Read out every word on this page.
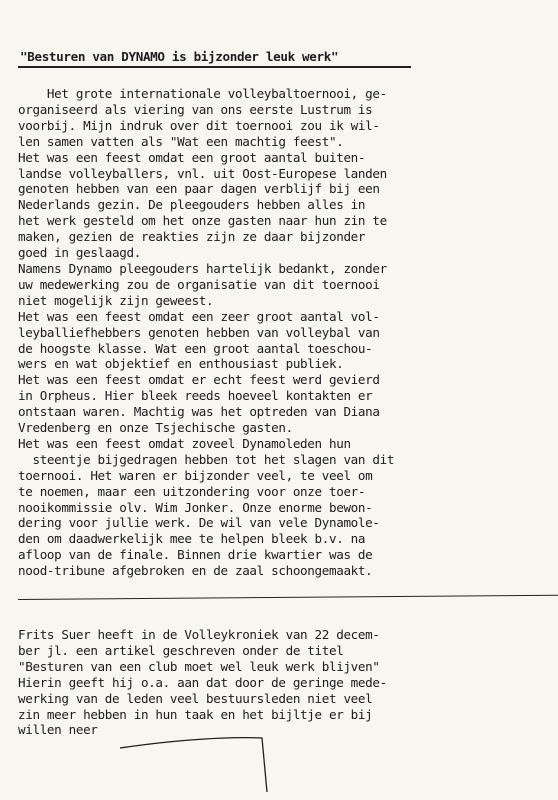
"Besturen van DYNAMO is bijzonder leuk werk"
Het grote internationale volleybaltoernooi, ge-
organiseerd als viering van ons eerste Lustrum is
voorbij. Mijn indruk over dit toernooi zou ik wil-
len samen vatten als "Wat een machtig feest".
Het was een feest omdat een groot aantal buiten-
landse volleyballers, vnl. uit Oost-Europese landen
genoten hebben van een paar dagen verblijf bij een
Nederlands gezin. De pleegouders hebben alles in
het werk gesteld om het onze gasten naar hun zin te
maken, gezien de reakties zijn ze daar bijzonder
goed in geslaagd.
Namens Dynamo pleegouders hartelijk bedankt, zonder
uw medewerking zou de organisatie van dit toernooi
niet mogelijk zijn geweest.
Het was een feest omdat een zeer groot aantal vol-
leyballiefhebbers genoten hebben van volleybal van
de hoogste klasse. Wat een groot aantal toeschou-
wers en wat objektief en enthousiast publiek.
Het was een feest omdat er echt feest werd gevierd
in Orpheus. Hier bleek reeds hoeveel kontakten er
ontstaan waren. Machtig was het optreden van Diana
Vredenberg en onze Tsjechische gasten.
Het was een feest omdat zoveel Dynamoleden hun
steentje bijgedragen hebben tot het slagen van dit
toernooi. Het waren er bijzonder veel, te veel om
te noemen, maar een uitzondering voor onze toer-
nooikommissie olv. Wim Jonker. Onze enorme bewon-
dering voor jullie werk. De wil van vele Dynamole-
den om daadwerkelijk mee te helpen bleek b.v. na
afloop van de finale. Binnen drie kwartier was de
nood-tribune afgebroken en de zaal schoongemaakt.
Frits Suer heeft in de Volleykroniek van 22 decem-
ber jl. een artikel geschreven onder de titel
"Besturen van een club moet wel leuk werk blijven"
Hierin geeft hij o.a. aan dat door de geringe mede-
werking van de leden veel bestuursleden niet veel
zin meer hebben in hun taak en het bijltje er bij
willen neer
